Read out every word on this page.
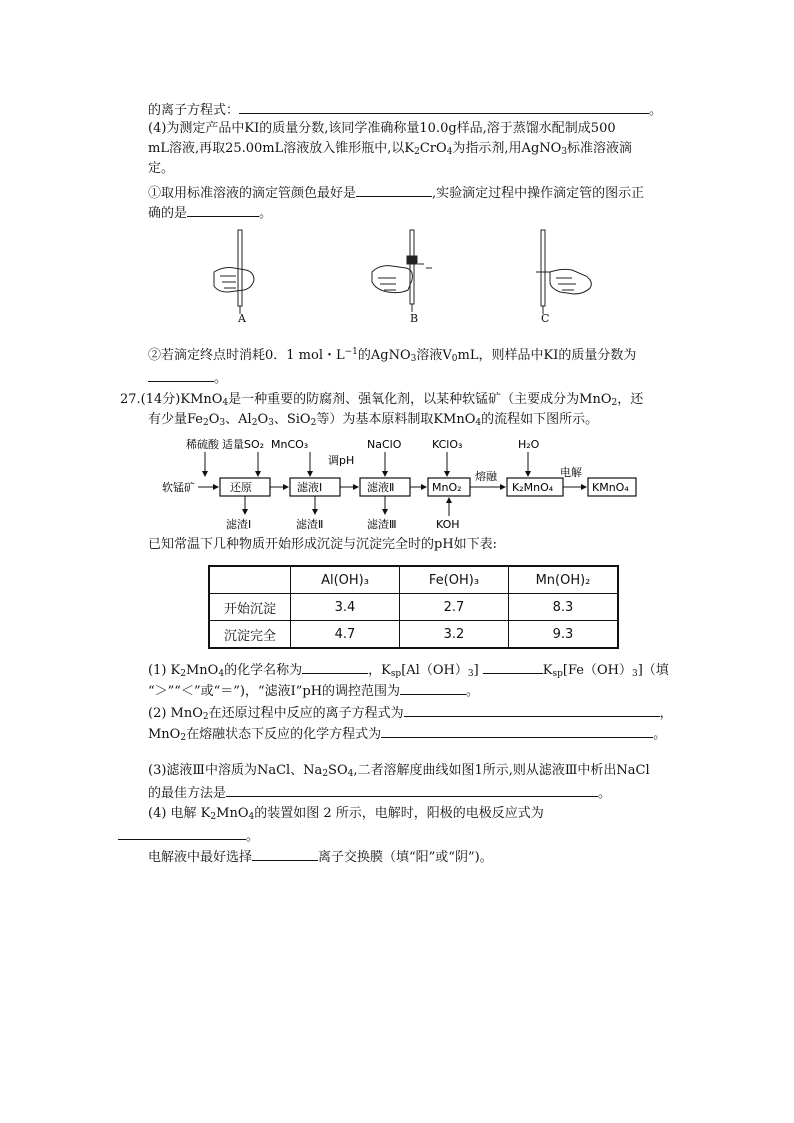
的离子方程式：	。
(4)为测定产品中KI的质量分数,该同学准确称量10.0g样品,溶于蒸馏水配制成500
mL溶液,再取25.00mL溶液放入锥形瓶中,以$K_2CrO_4$为指示剂,用AgNO$_3$标准溶液滴
定。
①取用标准溶液的滴定管颜色最好是	,实验滴定过程中操作滴定管的图示正
确的是	。
A	B	C
②若滴定终点时消耗0．1 mol・$L^{-1}$的AgNO$_3$溶液$V_0mL$，则样品中KI的质量分数为
。
27.(14分)KMnO$_4$是一种重要的防腐剂、强氧化剂，以某种软锰矿（主要成分为MnO$_2$，还
有少量$Fe_2O_3$、$Al_2O_3$、SiO$_2$等）为基本原料制取KMnO$_4$的流程如下图所示。
稀硫酸 适量SO₂ MnCO₃
调pH
NaClO	KClO₃	H₂O
软锰矿	还原	滤液Ⅰ	滤液Ⅱ	MnO₂	K₂MnO₄	KMnO₄
熔融	电解
滤渣Ⅰ	滤渣Ⅱ	滤渣Ⅲ	KOH
已知常温下几种物质开始形成沉淀与沉淀完全时的pH如下表:
	Al(OH)₃	Fe(OH)₃	Mn(OH)₂
开始沉淀	3.4	2.7	8.3
沉淀完全	4.7	3.2	9.3
(1) $K_2MnO_4$的化学名称为	，$K_{sp}[Al(OH)_3]$	$K_{sp}[Fe(OH)_3]$（填
“＞”“＜”或“＝”)，“滤液Ⅰ”pH的调控范围为	。
(2) MnO$_2$在还原过程中反应的离子方程式为	，
MnO$_2$在熔融状态下反应的化学方程式为	。
(3)滤液Ⅲ中溶质为NaCl、$Na_2SO_4$,二者溶解度曲线如图1所示,则从滤液Ⅲ中析出NaCl
的最佳方法是	。
(4) 电解 $K_2MnO_4$的装置如图 2 所示，电解时，阳极的电极反应式为
。
电解液中最好选择	离子交换膜（填“阳”或“阴”)。
